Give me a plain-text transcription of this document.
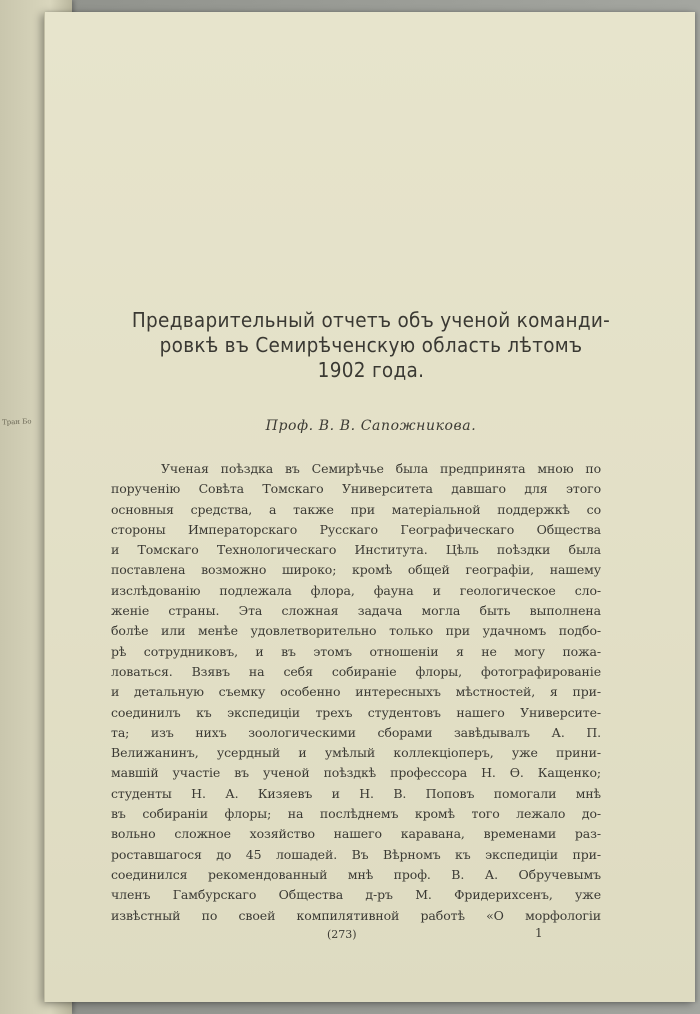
Тран Бо
Предварительный отчетъ объ ученой команди-
ровкѣ въ Семирѣченскую область лѣтомъ
1902 года.
Проф. В. В. Сапожникова.
Ученая поѣздка въ Семирѣчье была предпринята мною по
порученію Совѣта Томскаго Университета давшаго для этого
основныя средства, а также при матеріальной поддержкѣ со
стороны Императорскаго Русскаго Географическаго Общества
и Томскаго Технологическаго Института. Цѣль поѣздки была
поставлена возможно широко; кромѣ общей географіи, нашему
изслѣдованію подлежала флора, фауна и геологическое сло-
женіе страны. Эта сложная задача могла быть выполнена
болѣе или менѣе удовлетворительно только при удачномъ подбо-
рѣ сотрудниковъ, и въ этомъ отношеніи я не могу пожа-
ловаться. Взявъ на себя собираніе флоры, фотографированіе
и детальную съемку особенно интересныхъ мѣстностей, я при-
соединилъ къ экспедиціи трехъ студентовъ нашего Университе-
та; изъ нихъ зоологическими сборами завѣдывалъ А. П.
Велижанинъ, усердный и умѣлый коллекціоперъ, уже прини-
мавшій участіе въ ученой поѣздкѣ профессора Н. Ѳ. Кащенко;
студенты Н. А. Кизяевъ и Н. В. Поповъ помогали мнѣ
въ собираніи флоры; на послѣднемъ кромѣ того лежало до-
вольно сложное хозяйство нашего каравана, временами раз-
роставшагося до 45 лошадей. Въ Вѣрномъ къ экспедиціи при-
соединился рекомендованный мнѣ проф. В. А. Обручевымъ
членъ Гамбурскаго Общества д-ръ М. Фридерихсенъ, уже
извѣстный по своей компилятивной работѣ «О морфологіи
(273)	1
